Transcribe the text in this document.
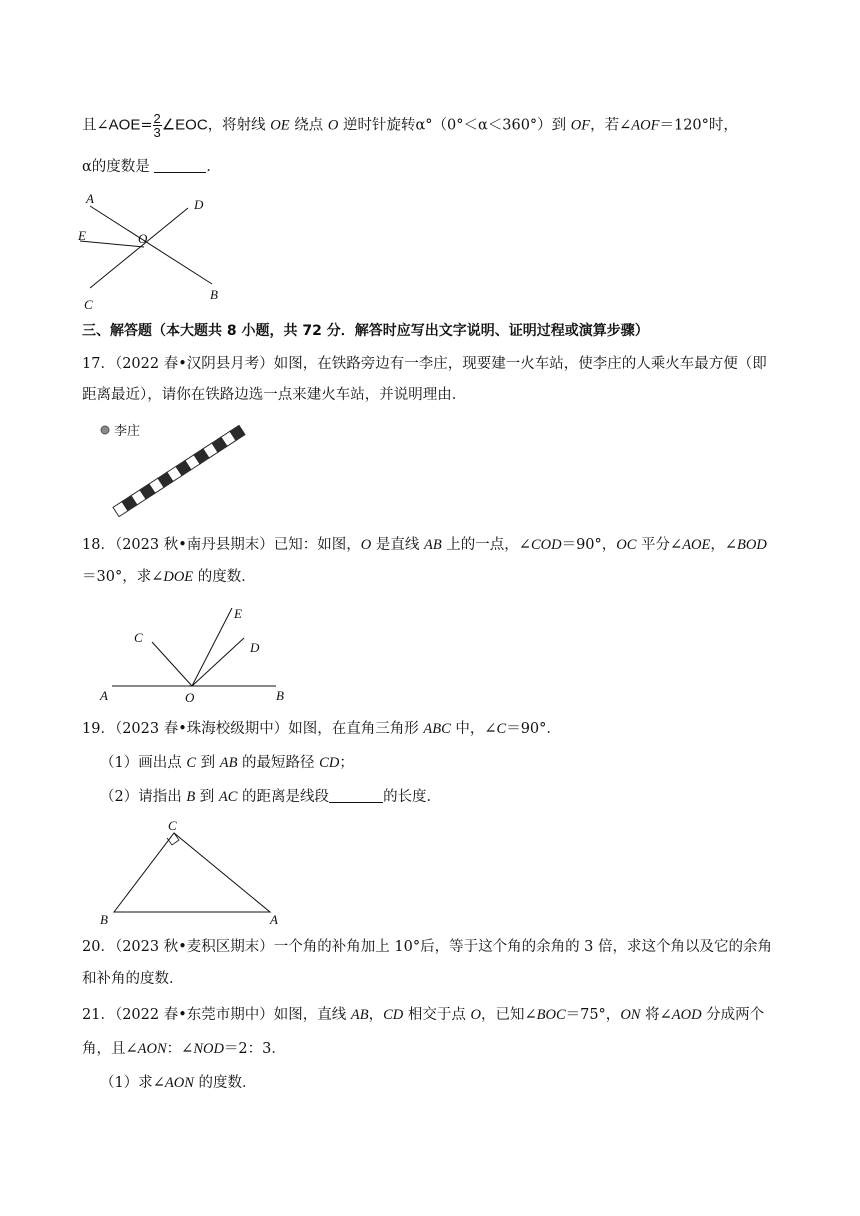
且∠AOE= $\frac{2}{3}$ ∠EOC，将射线 OE 绕点 O 逆时针旋转α°（0°＜α＜360°）到 OF，若∠AOF＝120°时，
α的度数是	．
A	D
E	O
C
B
三、解答题（本大题共 8 小题，共 72 分．解答时应写出文字说明、证明过程或演算步骤）
17．（2022 春•汉阴县月考）如图，在铁路旁边有一李庄，现要建一火车站，使李庄的人乘火车最方便（即
距离最近），请你在铁路边选一点来建火车站，并说明理由．
李庄
18．（2023 秋•南丹县期末）已知：如图，O 是直线 AB 上的一点，∠COD＝90°，OC 平分∠AOE，∠BOD
＝30°，求∠DOE 的度数．
C
E
D
A	O	B
19．（2023 春•珠海校级期中）如图，在直角三角形 ABC 中，∠C＝90°．
（1）画出点 C 到 AB 的最短路径 CD；
（2）请指出 B 到 AC 的距离是线段	的长度．
C
B	A
20．（2023 秋•麦积区期末）一个角的补角加上 10°后，等于这个角的余角的 3 倍，求这个角以及它的余角
和补角的度数．
21．（2022 春•东莞市期中）如图，直线 AB，CD 相交于点 O，已知∠BOC＝75°，ON 将∠AOD 分成两个
角，且∠AON：∠NOD＝2：3．
（1）求∠AON 的度数．
